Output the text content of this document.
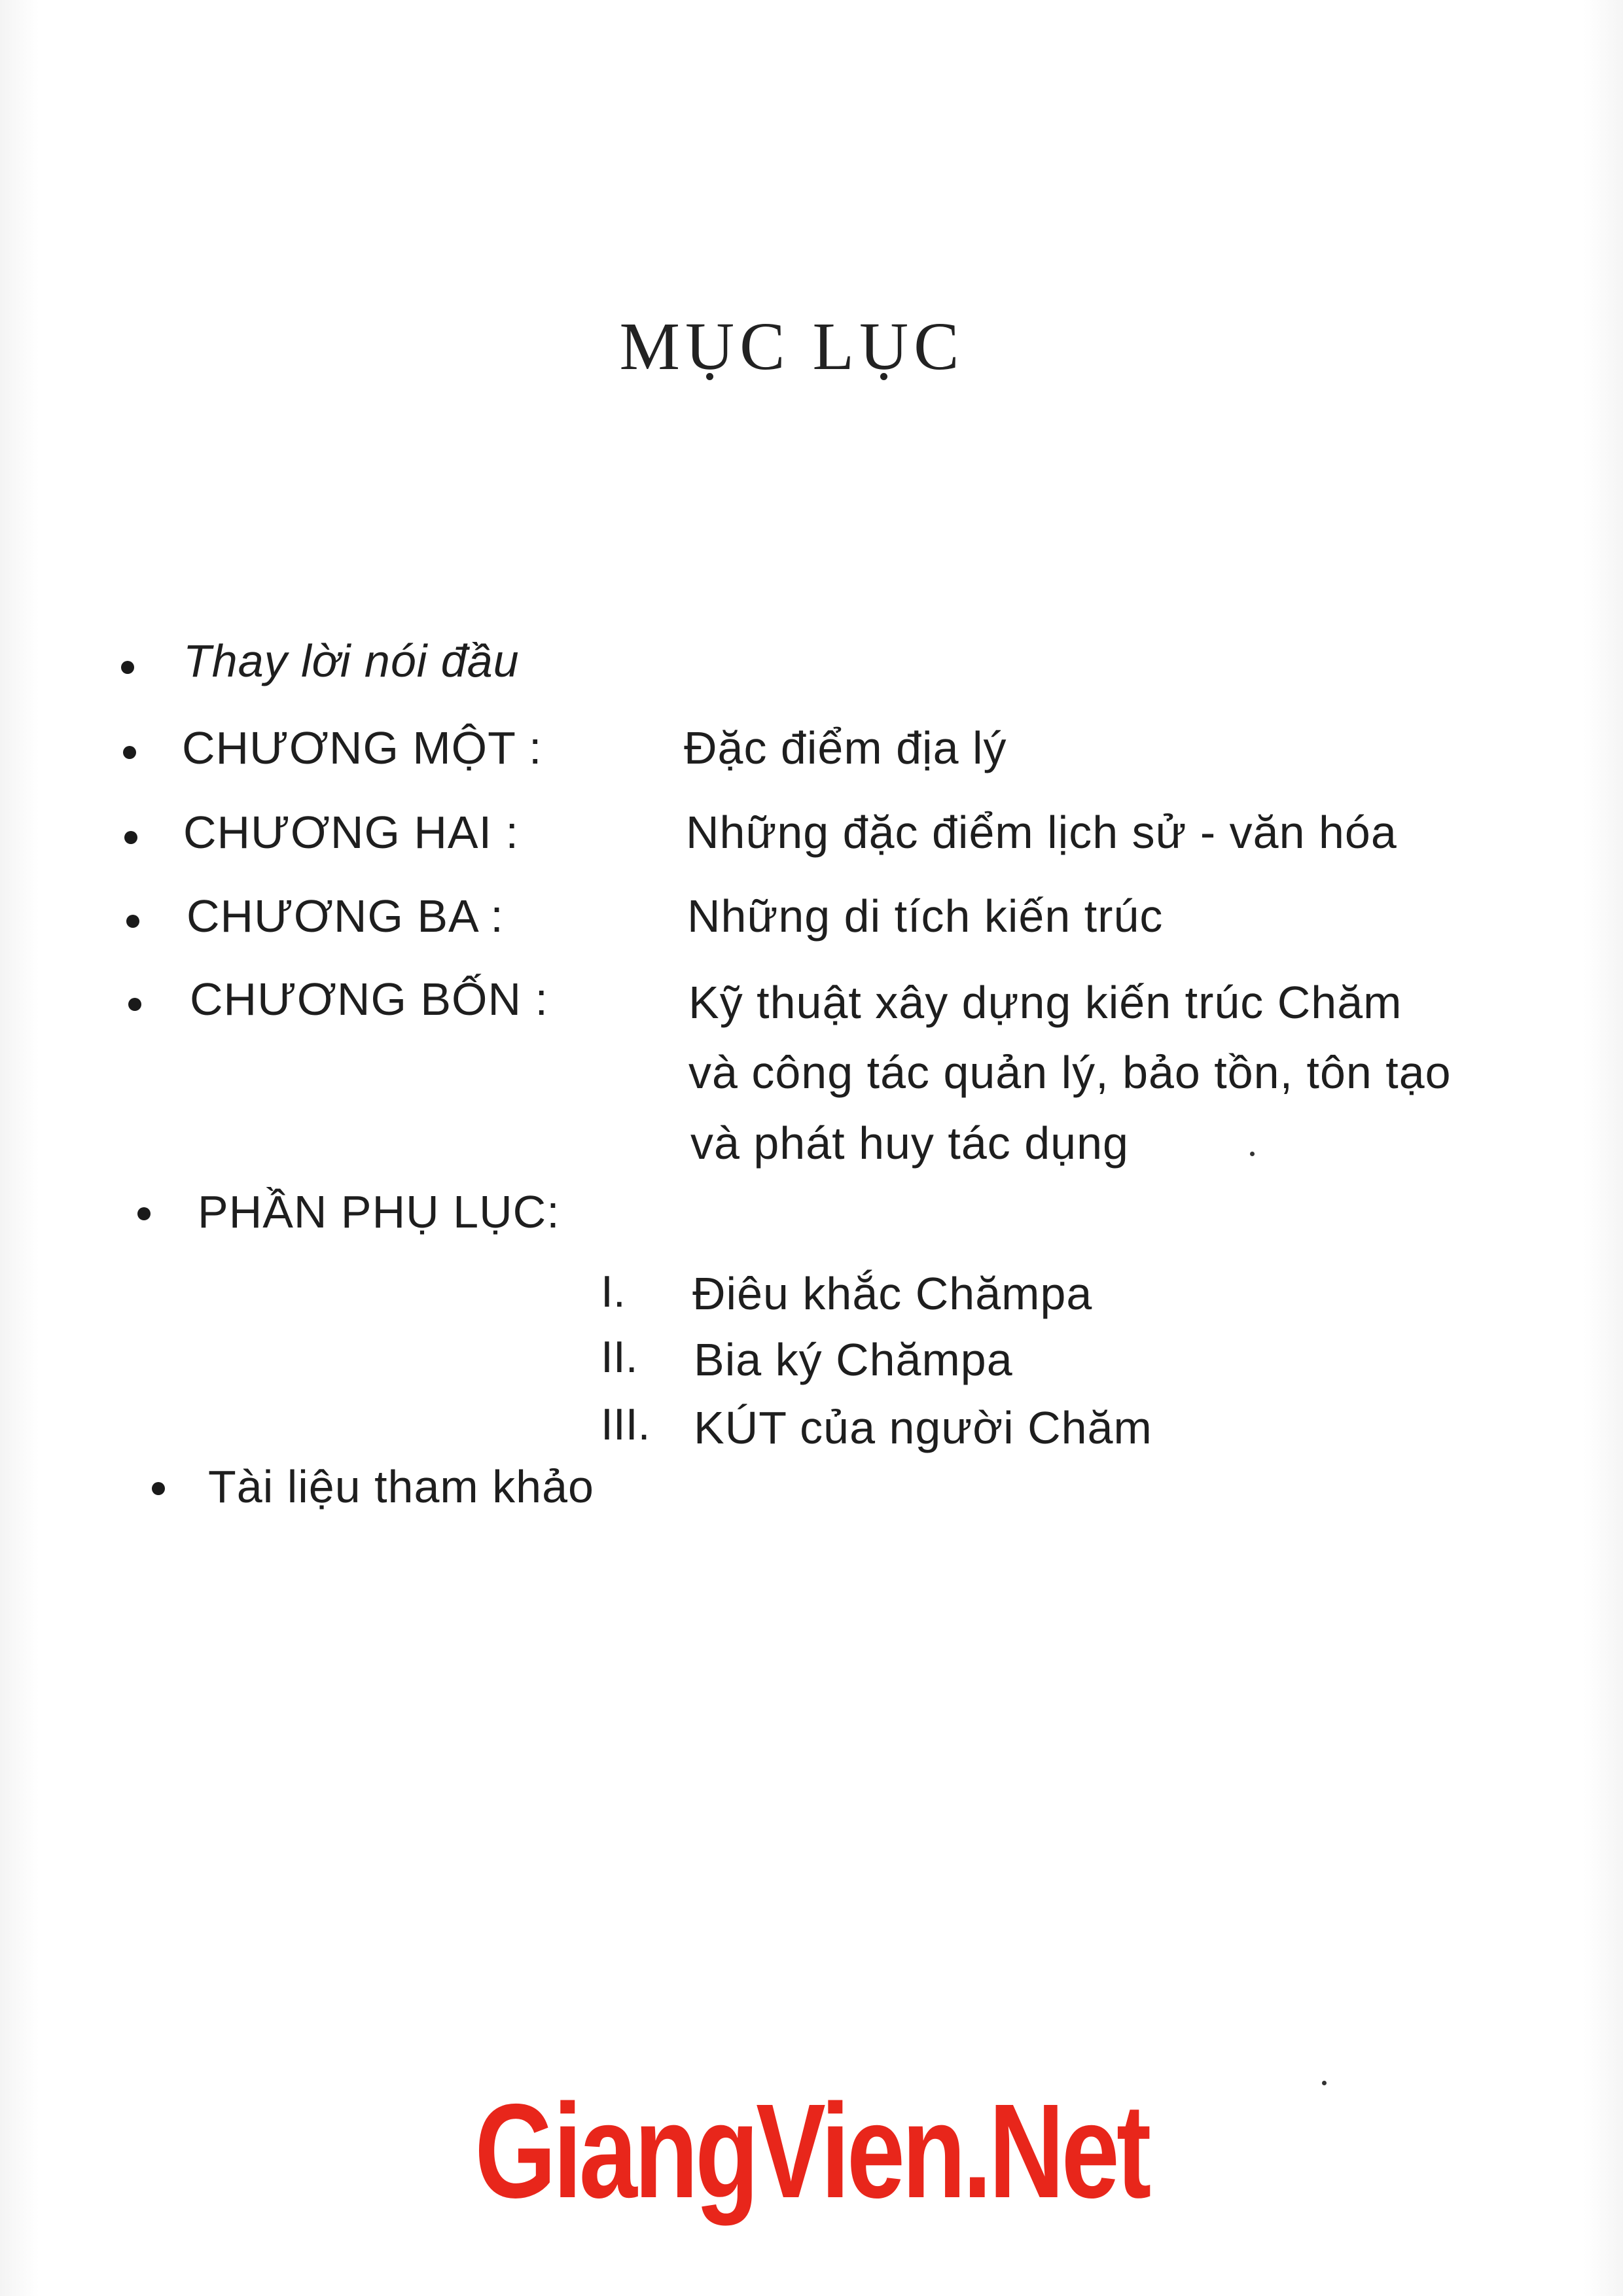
MỤC LỤC
Thay lời nói đầu
CHƯƠNG MỘT :	Đặc điểm địa lý
CHƯƠNG HAI :	Những đặc điểm lịch sử - văn hóa
CHƯƠNG BA :	Những di tích kiến trúc
CHƯƠNG BỐN :	Kỹ thuật xây dựng kiến trúc Chăm
và công tác quản lý, bảo tồn, tôn tạo
và phát huy tác dụng
PHẦN PHỤ LỤC:
I. Điêu khắc Chămpa
II. Bia ký Chămpa
III. KÚT của người Chăm
Tài liệu tham khảo
GiangVien.Net
